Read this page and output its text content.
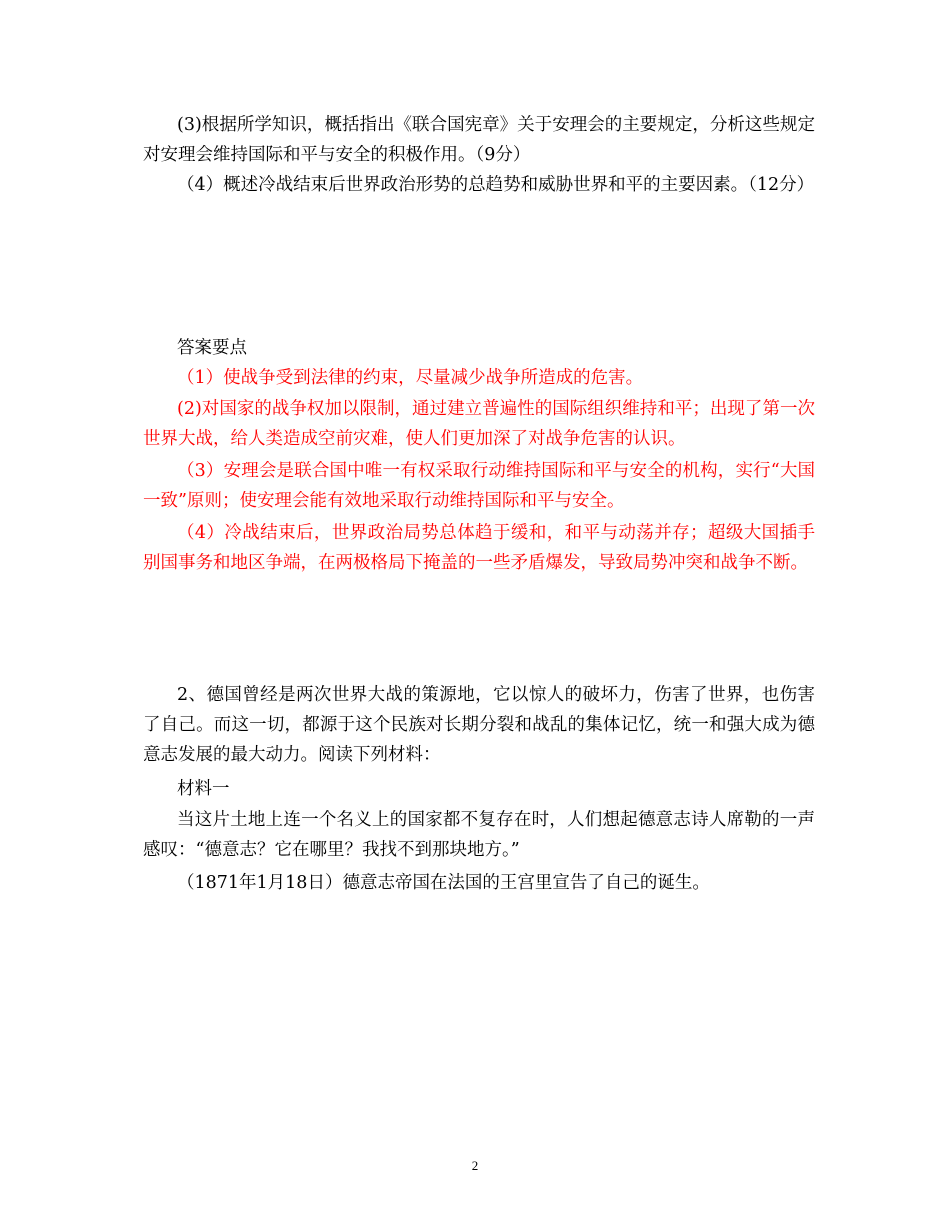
(3)根据所学知识，概括指出《联合国宪章》关于安理会的主要规定，分析这些规定对安理会维持国际和平与安全的积极作用。（9分）

（4）概述冷战结束后世界政治形势的总趋势和威胁世界和平的主要因素。（12分）

答案要点

（1）使战争受到法律的约束，尽量减少战争所造成的危害。

(2)对国家的战争权加以限制，通过建立普遍性的国际组织维持和平；出现了第一次世界大战，给人类造成空前灾难，使人们更加深了对战争危害的认识。

（3）安理会是联合国中唯一有权采取行动维持国际和平与安全的机构，实行“大国一致”原则；使安理会能有效地采取行动维持国际和平与安全。

（4）冷战结束后，世界政治局势总体趋于缓和，和平与动荡并存；超级大国插手别国事务和地区争端，在两极格局下掩盖的一些矛盾爆发，导致局势冲突和战争不断。

2、德国曾经是两次世界大战的策源地，它以惊人的破坏力，伤害了世界，也伤害了自己。而这一切，都源于这个民族对长期分裂和战乱的集体记忆，统一和强大成为德意志发展的最大动力。阅读下列材料：

材料一

当这片土地上连一个名义上的国家都不复存在时，人们想起德意志诗人席勒的一声感叹：“德意志？它在哪里？我找不到那块地方。”

（1871年1月18日）德意志帝国在法国的王宫里宣告了自己的诞生。

2
